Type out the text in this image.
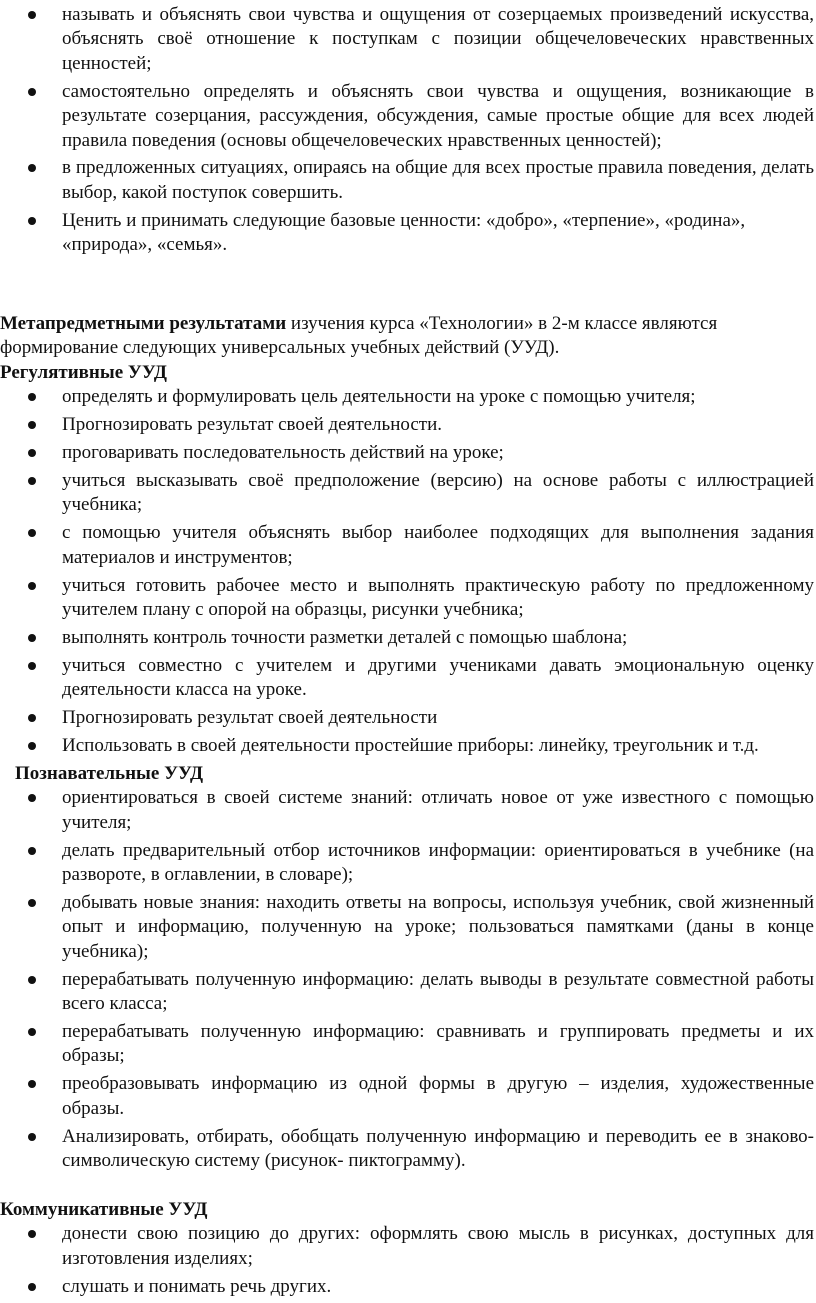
называть и объяснять свои чувства и ощущения от созерцаемых произведений искусства, объяснять своё отношение к поступкам с позиции общечеловеческих нравственных ценностей;
самостоятельно определять и объяснять свои чувства и ощущения, возникающие в результате созерцания, рассуждения, обсуждения, самые простые общие для всех людей правила поведения (основы общечеловеческих нравственных ценностей);
в предложенных ситуациях, опираясь на общие для всех простые правила поведения, делать выбор, какой поступок совершить.
Ценить и принимать следующие базовые ценности: «добро», «терпение», «родина», «природа», «семья».

Метапредметными результатами изучения курса «Технологии» в 2-м классе являются формирование следующих универсальных учебных действий (УУД).

Регулятивные УУД

определять и формулировать цель деятельности на уроке с помощью учителя;
Прогнозировать результат своей деятельности.
проговаривать последовательность действий на уроке;
учиться высказывать своё предположение (версию) на основе работы с иллюстрацией учебника;
с помощью учителя объяснять выбор наиболее подходящих для выполнения задания материалов и инструментов;
учиться готовить рабочее место и выполнять практическую работу по предложенному учителем плану с опорой на образцы, рисунки учебника;
выполнять контроль точности разметки деталей с помощью шаблона;
учиться совместно с учителем и другими учениками давать эмоциональную оценку деятельности класса на уроке.
Прогнозировать результат своей деятельности
Использовать в своей деятельности простейшие приборы: линейку, треугольник и т.д.

Познавательные УУД

ориентироваться в своей системе знаний: отличать новое от уже известного с помощью учителя;
делать предварительный отбор источников информации: ориентироваться в учебнике (на развороте, в оглавлении, в словаре);
добывать новые знания: находить ответы на вопросы, используя учебник, свой жизненный опыт и информацию, полученную на уроке; пользоваться памятками (даны в конце учебника);
перерабатывать полученную информацию: делать выводы в результате совместной работы всего класса;
перерабатывать полученную информацию: сравнивать и группировать предметы и их образы;
преобразовывать информацию из одной формы в другую – изделия, художественные образы.
Анализировать, отбирать, обобщать полученную информацию и переводить ее в знаково-символическую систему (рисунок- пиктограмму).

Коммуникативные УУД

донести свою позицию до других: оформлять свою мысль в рисунках, доступных для изготовления изделиях;
слушать и понимать речь других.
